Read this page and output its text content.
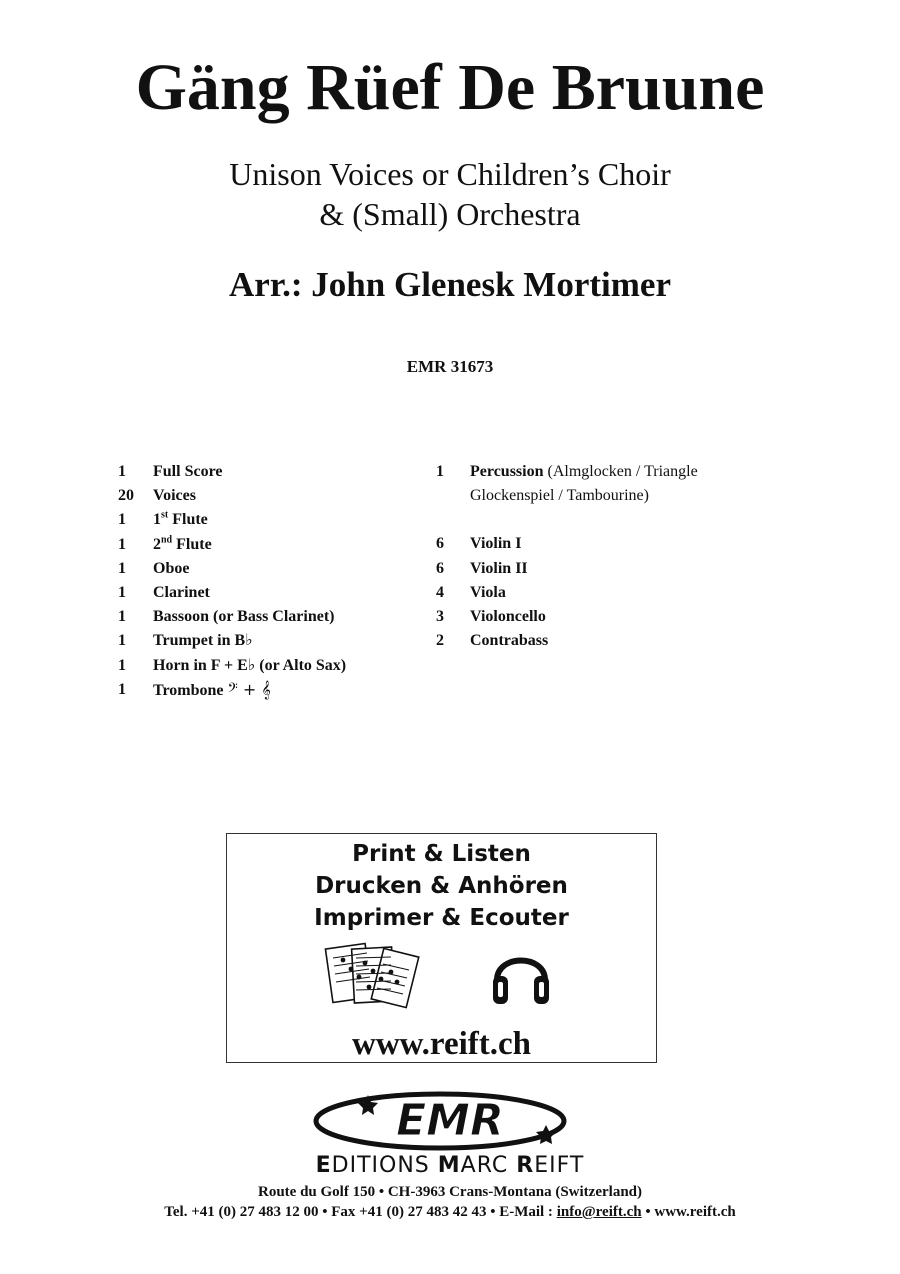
Gäng Rüef De Bruune
Unison Voices or Children’s Choir
& (Small) Orchestra
Arr.: John Glenesk Mortimer
EMR 31673
1	Full Score
20	Voices
1	1st Flute
1	2nd Flute
1	Oboe
1	Clarinet
1	Bassoon (or Bass Clarinet)
1	Trumpet in B♭
1	Horn in F + E♭ (or Alto Sax)
1	Trombone 𝄢 + 𝄞
1	Percussion (Almglocken / Triangle
Glockenspiel / Tambourine)
6	Violin I
6	Violin II
4	Viola
3	Violoncello
2	Contrabass
Print & Listen
Drucken & Anhören
Imprimer & Ecouter
www.reift.ch
EMR
EDITIONS MARC REIFT
Route du Golf 150 • CH-3963 Crans-Montana (Switzerland)
Tel. +41 (0) 27 483 12 00 • Fax +41 (0) 27 483 42 43 • E-Mail : info@reift.ch • www.reift.ch
